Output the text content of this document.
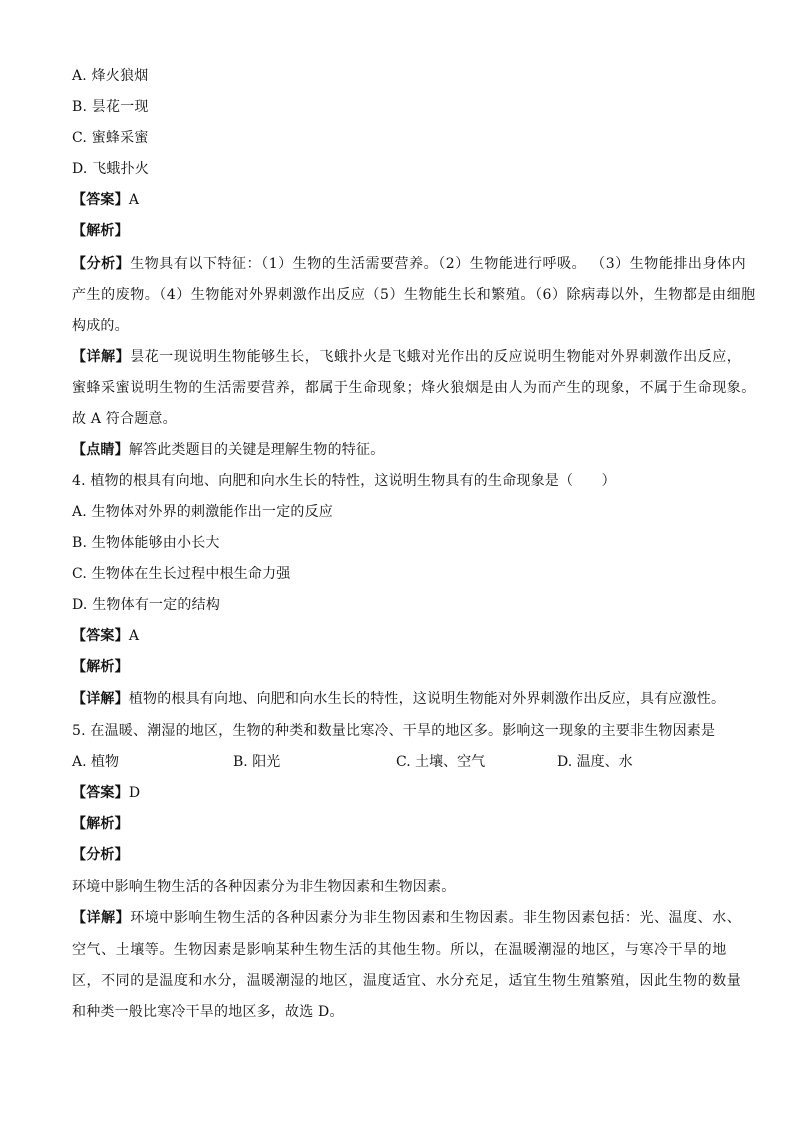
A. 烽火狼烟
B. 昙花一现
C. 蜜蜂采蜜
D. 飞蛾扑火
【答案】A
【解析】
【分析】生物具有以下特征：（1）生物的生活需要营养。（2）生物能进行呼吸。 （3）生物能排出身体内
产生的废物。（4）生物能对外界刺激作出反应（5）生物能生长和繁殖。（6）除病毒以外，生物都是由细胞
构成的。
【详解】昙花一现说明生物能够生长，飞蛾扑火是飞蛾对光作出的反应说明生物能对外界刺激作出反应，
蜜蜂采蜜说明生物的生活需要营养，都属于生命现象；烽火狼烟是由人为而产生的现象，不属于生命现象。
故 A 符合题意。
【点睛】解答此类题目的关键是理解生物的特征。
4. 植物的根具有向地、向肥和向水生长的特性，这说明生物具有的生命现象是（　　）
A. 生物体对外界的刺激能作出一定的反应
B. 生物体能够由小长大
C. 生物体在生长过程中根生命力强
D. 生物体有一定的结构
【答案】A
【解析】
【详解】植物的根具有向地、向肥和向水生长的特性，这说明生物能对外界刺激作出反应，具有应激性。
5. 在温暖、潮湿的地区，生物的种类和数量比寒冷、干旱的地区多。影响这一现象的主要非生物因素是
A. 植物	B. 阳光	C. 土壤、空气	D. 温度、水
【答案】D
【解析】
【分析】
环境中影响生物生活的各种因素分为非生物因素和生物因素。
【详解】环境中影响生物生活的各种因素分为非生物因素和生物因素。非生物因素包括：光、温度、水、
空气、土壤等。生物因素是影响某种生物生活的其他生物。所以，在温暖潮湿的地区，与寒冷干旱的地
区，不同的是温度和水分，温暖潮湿的地区，温度适宜、水分充足，适宜生物生殖繁殖，因此生物的数量
和种类一般比寒冷干旱的地区多，故选 D。
